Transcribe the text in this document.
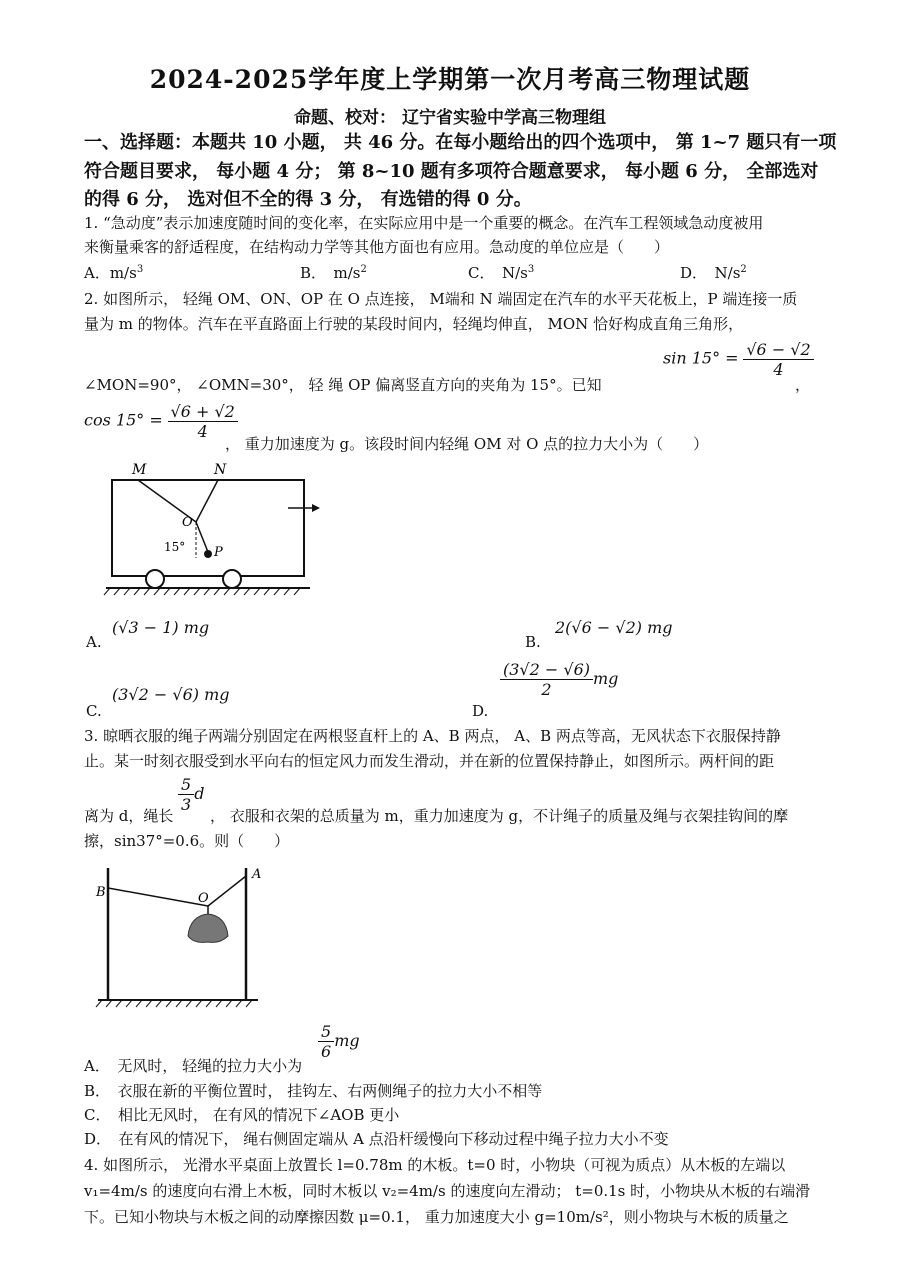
2024-2025学年度上学期第一次月考高三物理试题
命题、校对： 辽宁省实验中学高三物理组
一、选择题：本题共 10 小题， 共 46 分。在每小题给出的四个选项中， 第 1~7 题只有一项
符合题目要求， 每小题 4 分； 第 8~10 题有多项符合题意要求， 每小题 6 分， 全部选对
的得 6 分， 选对但不全的得 3 分， 有选错的得 0 分。
1. “急动度”表示加速度随时间的变化率，在实际应用中是一个重要的概念。在汽车工程领域急动度被用
来衡量乘客的舒适程度，在结构动力学等其他方面也有应用。急动度的单位应是（　　）
A．$m/s^3$	B．　$m/s^2$	C．　$N/s^3$	D．　$N/s^2$
2. 如图所示， 轻绳 OM、ON、OP 在 O 点连接， M端和 N 端固定在汽车的水平天花板上，P 端连接一质
量为 m 的物体。汽车在平直路面上行驶的某段时间内，轻绳均伸直， MON 恰好构成直角三角形，
$\sin 15^\circ = \frac{√6 - √2}{4}$
∠MON=90°， ∠OMN=30°， 轻 绳 OP 偏离竖直方向的夹角为 15°。已知	，
$\cos 15^\circ = \frac{√6 + √2}{4}$
， 重力加速度为 g。该段时间内轻绳 OM 对 O 点的拉力大小为（　　）
M	N
O
P
15°
A.
(√3 − 1) mg
B.
2(√6 − √2) mg
C.
(3√2 − √6) mg
D.
$\frac{(3√2 - √6)}{2}$ mg
3. 晾晒衣服的绳子两端分别固定在两根竖直杆上的 A、B 两点， A、B 两点等高，无风状态下衣服保持静
止。某一时刻衣服受到水平向右的恒定风力而发生滑动，并在新的位置保持静止，如图所示。两杆间的距
离为 d，绳长
$\frac{5}{3}$ d
， 衣服和衣架的总质量为 m，重力加速度为 g，不计绳子的质量及绳与衣架挂钩间的摩
擦，sin37°=0.6。则（　　）
B
A
O
A．　无风时， 轻绳的拉力大小为
$\frac{5}{6}$ mg
B．　衣服在新的平衡位置时， 挂钩左、右两侧绳子的拉力大小不相等
C．　相比无风时， 在有风的情况下∠AOB 更小
D．　在有风的情况下， 绳右侧固定端从 A 点沿杆缓慢向下移动过程中绳子拉力大小不变
4. 如图所示， 光滑水平桌面上放置长 l=0.78m 的木板。t=0 时，小物块（可视为质点）从木板的左端以
v₁=4m/s 的速度向右滑上木板，同时木板以 v₂=4m/s 的速度向左滑动； t=0.1s 时，小物块从木板的右端滑
下。已知小物块与木板之间的动摩擦因数 μ=0.1， 重力加速度大小 g=10m/s²，则小物块与木板的质量之
